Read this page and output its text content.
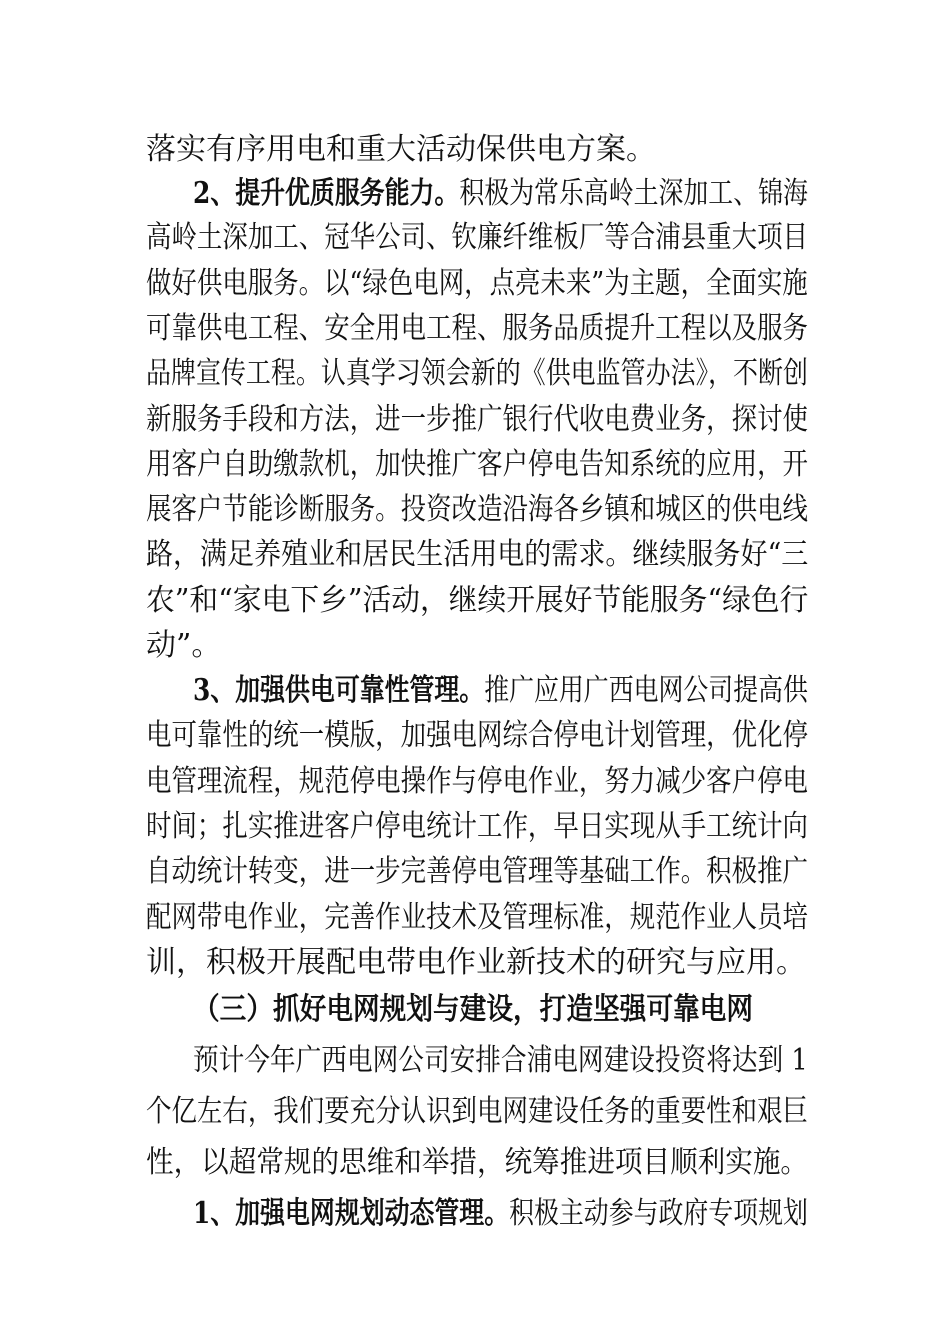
落实有序用电和重大活动保供电方案。
2、提升优质服务能力。积极为常乐高岭土深加工、锦海
高岭土深加工、冠华公司、钦廉纤维板厂等合浦县重大项目
做好供电服务。以“绿色电网，点亮未来”为主题，全面实施
可靠供电工程、安全用电工程、服务品质提升工程以及服务
品牌宣传工程。认真学习领会新的《供电监管办法》，不断创
新服务手段和方法，进一步推广银行代收电费业务，探讨使
用客户自助缴款机，加快推广客户停电告知系统的应用，开
展客户节能诊断服务。投资改造沿海各乡镇和城区的供电线
路，满足养殖业和居民生活用电的需求。继续服务好“三
农”和“家电下乡”活动，继续开展好节能服务“绿色行
动”。
3、加强供电可靠性管理。推广应用广西电网公司提高供
电可靠性的统一模版，加强电网综合停电计划管理，优化停
电管理流程，规范停电操作与停电作业，努力减少客户停电
时间；扎实推进客户停电统计工作，早日实现从手工统计向
自动统计转变，进一步完善停电管理等基础工作。积极推广
配网带电作业，完善作业技术及管理标准，规范作业人员培
训，积极开展配电带电作业新技术的研究与应用。
（三）抓好电网规划与建设，打造坚强可靠电网
预计今年广西电网公司安排合浦电网建设投资将达到 1
个亿左右，我们要充分认识到电网建设任务的重要性和艰巨
性，以超常规的思维和举措，统筹推进项目顺利实施。
1、加强电网规划动态管理。积极主动参与政府专项规划
